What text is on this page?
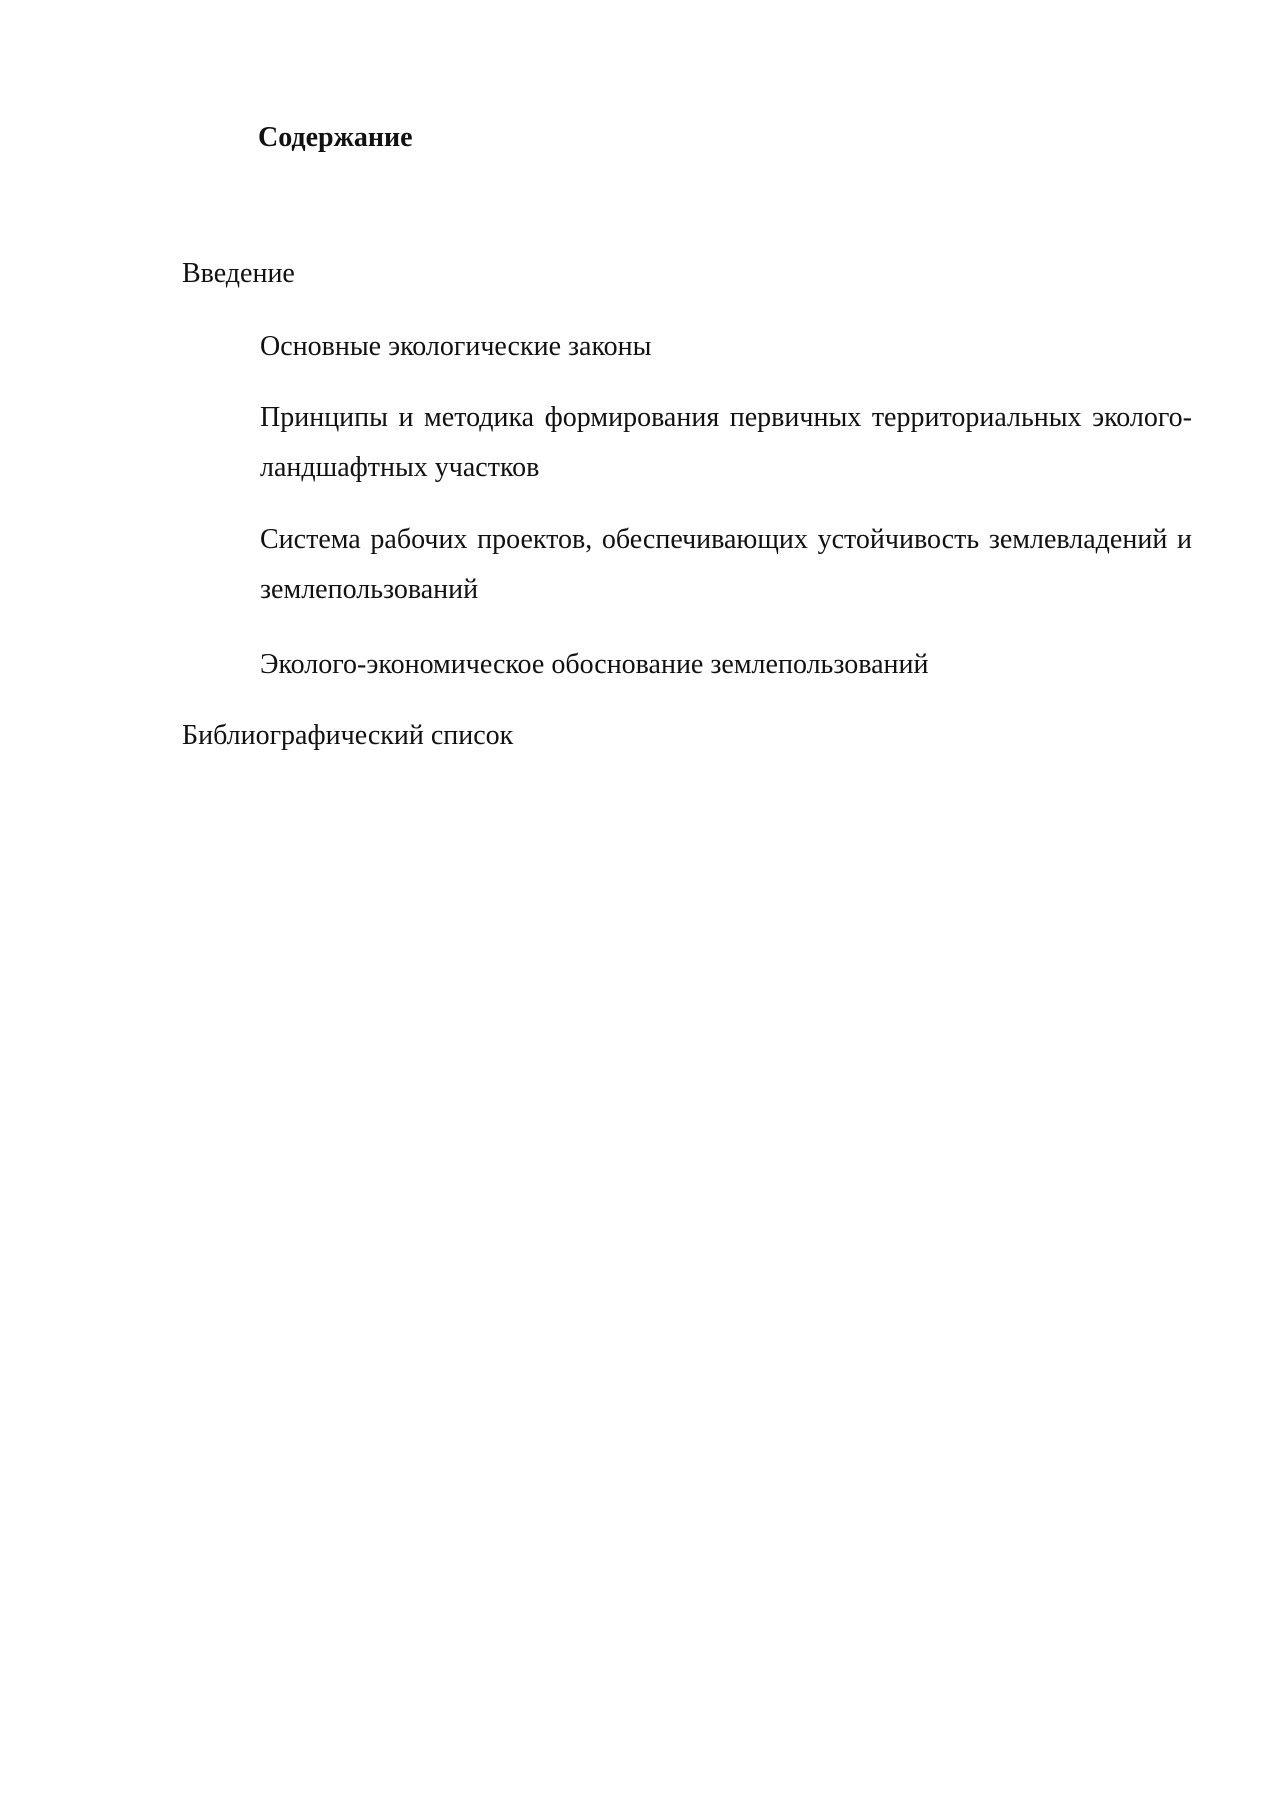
Содержание

Введение

Основные экологические законы

Принципы и методика формирования первичных территориальных эколого-ландшафтных участков

Система рабочих проектов, обеспечивающих устойчивость землевладений и землепользований

Эколого-экономическое обоснование землепользований

Библиографический список
